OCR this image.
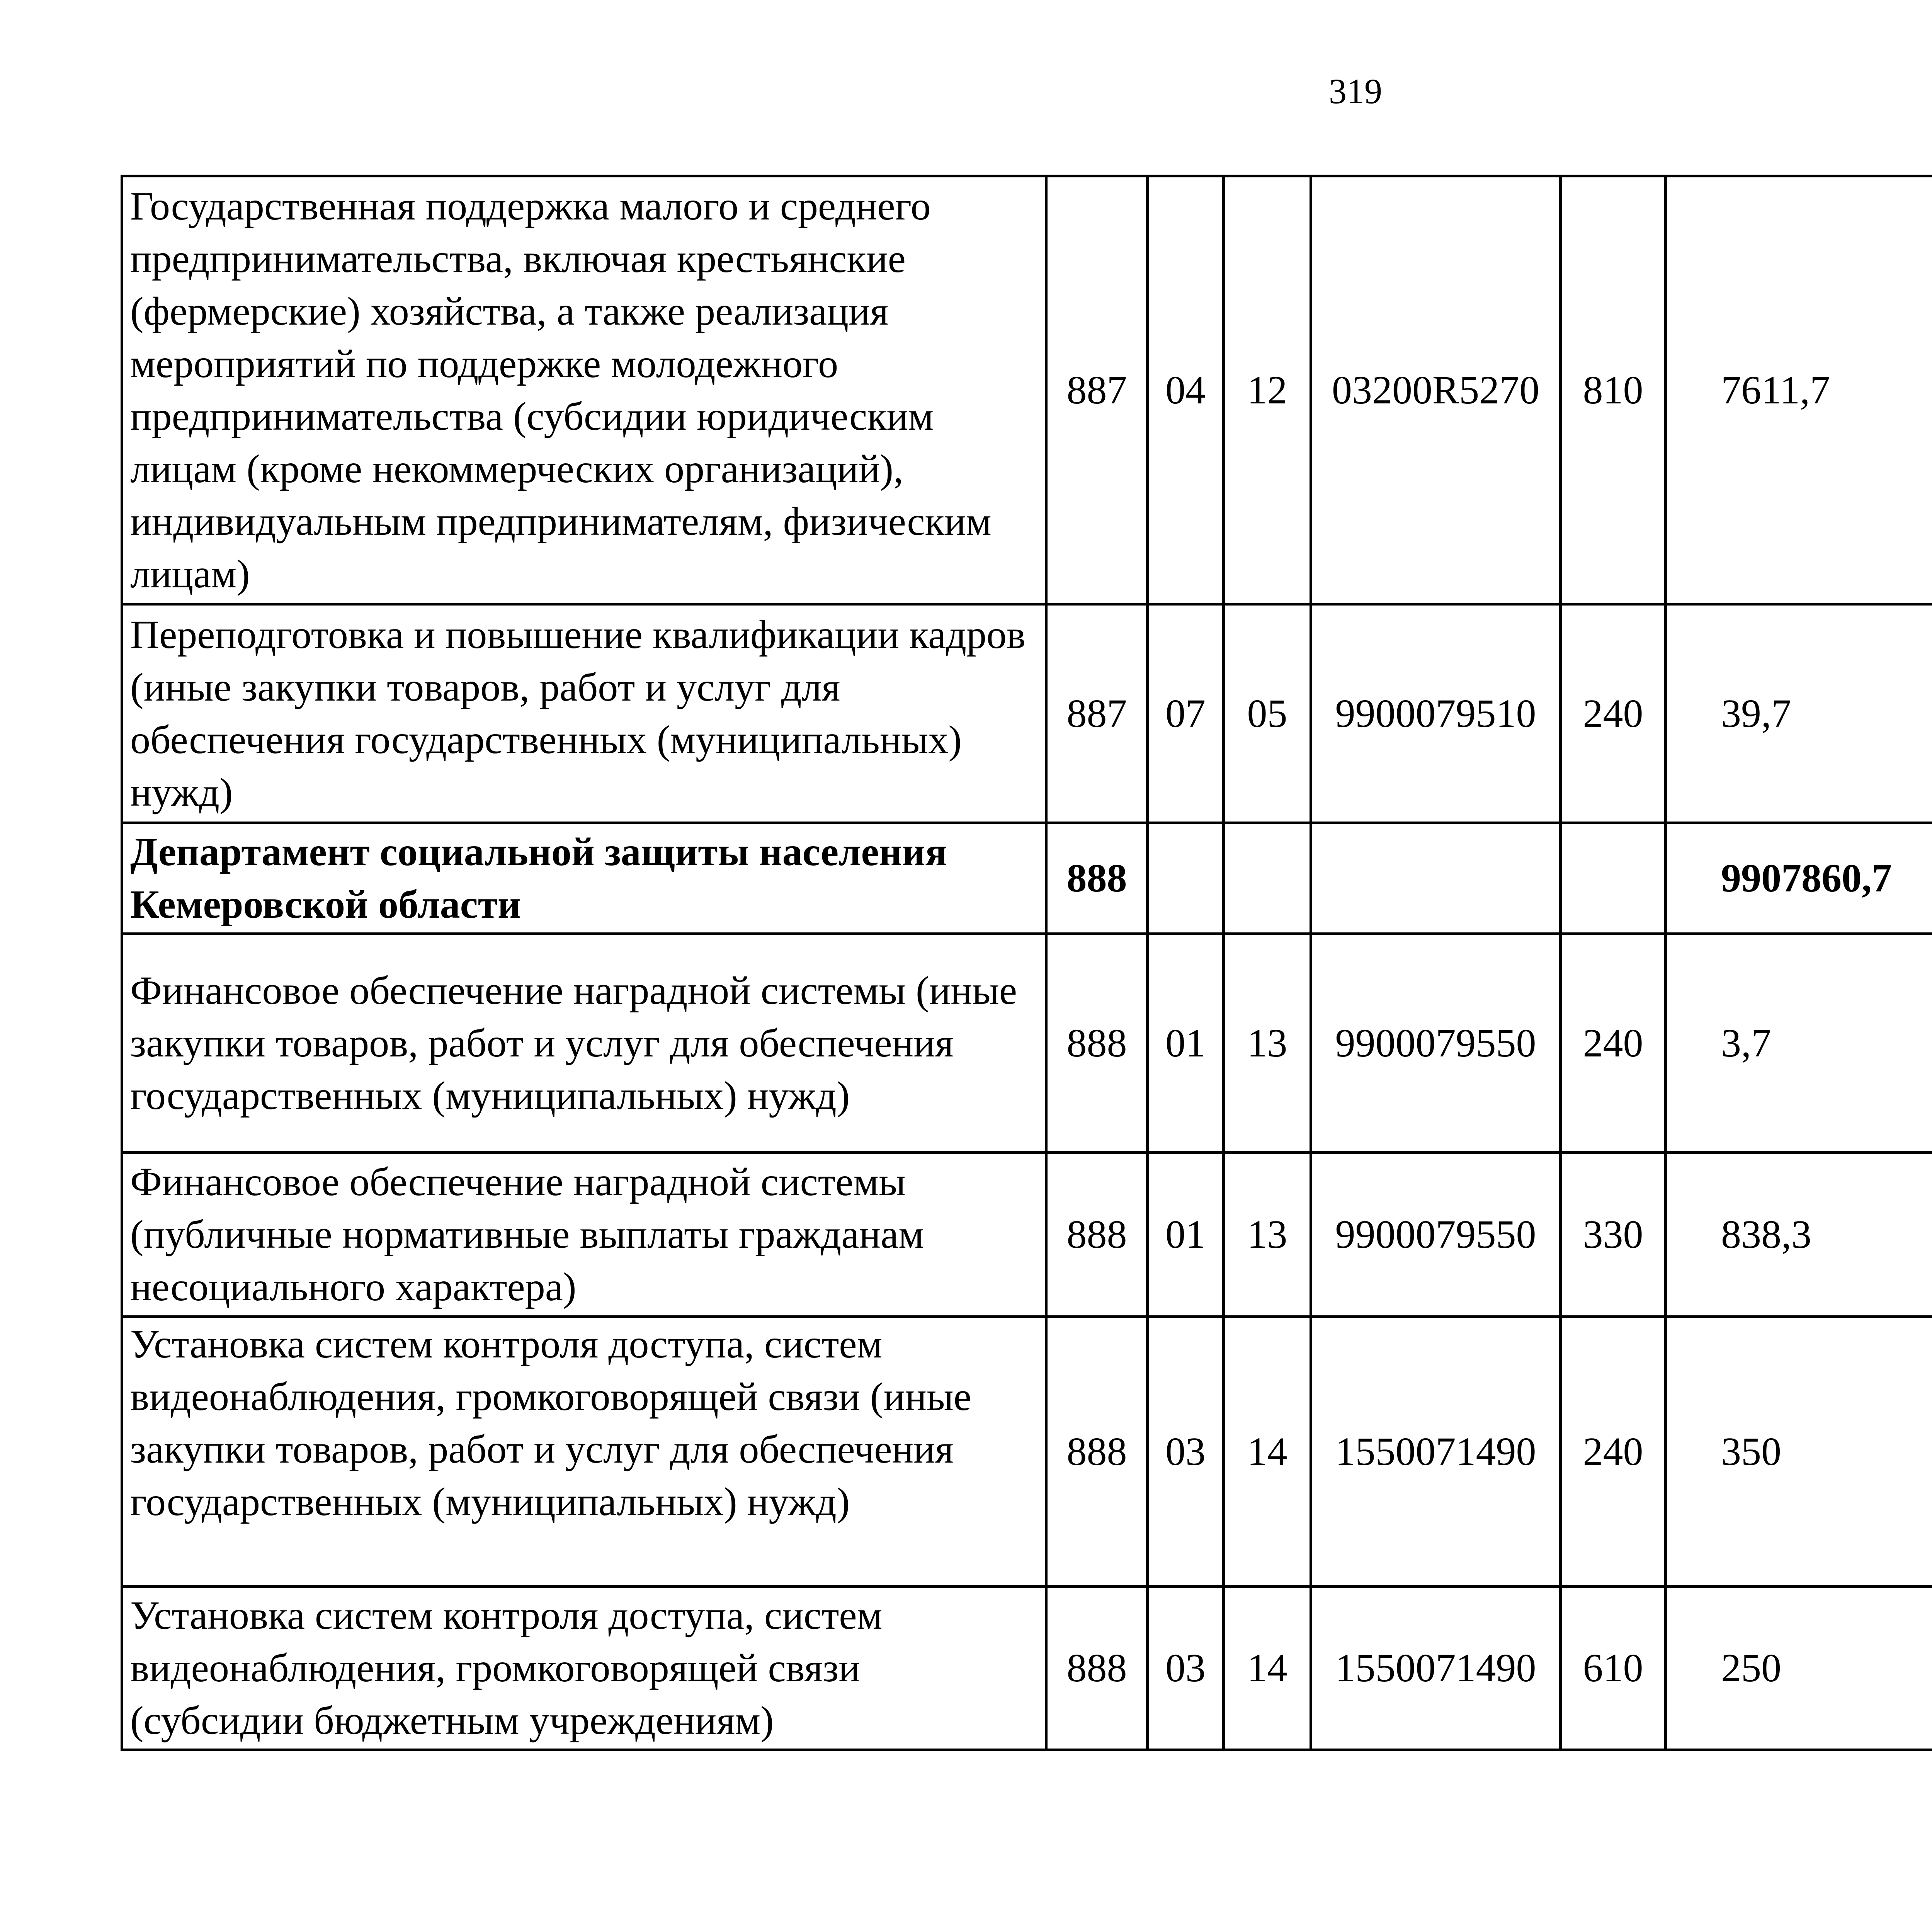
319
Государственная поддержка малого и среднего предпринимательства, включая крестьянские (фермерские) хозяйства, а также реализация мероприятий по поддержке молодежного предпринимательства (субсидии юридическим лицам (кроме некоммерческих организаций), индивидуальным предпринимателям, физическим лицам)	887	04	12	03200R5270	810	7611,7		
Переподготовка и повышение квалификации кадров (иные закупки товаров, работ и услуг для обеспечения государственных (муниципальных) нужд)	887	07	05	9900079510	240	39,7		
Департамент социальной защиты населения Кемеровской области	888					9907860,7		
Финансовое обеспечение наградной системы (иные закупки товаров, работ и услуг для обеспечения государственных (муниципальных) нужд)	888	01	13	9900079550	240	3,7		
Финансовое обеспечение наградной системы (публичные нормативные выплаты гражданам несоциального характера)	888	01	13	9900079550	330	838,3		
Установка систем контроля доступа, систем видеонаблюдения, громкоговорящей связи (иные закупки товаров, работ и услуг для обеспечения государственных (муниципальных) нужд)	888	03	14	1550071490	240	350		
Установка систем контроля доступа, систем видеонаблюдения, громкоговорящей связи (субсидии бюджетным учреждениям)	888	03	14	1550071490	610	250		
